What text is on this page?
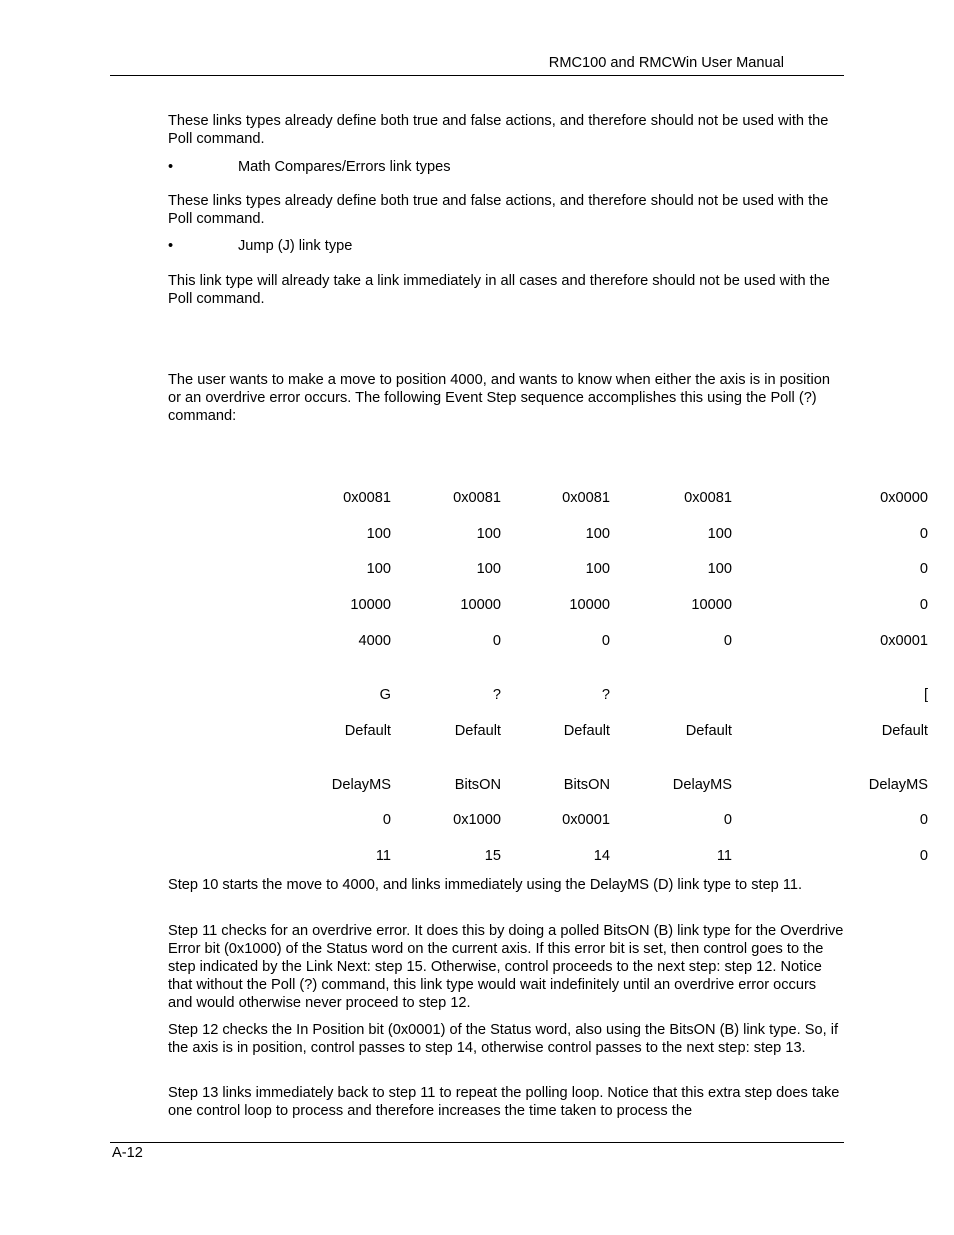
RMC100 and RMCWin User Manual

These links types already define both true and false actions, and therefore should not be used with the Poll command.

•	Math Compares/Errors link types

These links types already define both true and false actions, and therefore should not be used with the Poll command.

•	Jump (J) link type

This link type will already take a link immediately in all cases and therefore should not be used with the Poll command.

The user wants to make a move to position 4000, and wants to know when either the axis is in position or an overdrive error occurs. The following Event Step sequence accomplishes this using the Poll (?) command:

0x0081
100
100
10000
4000
G
Default
DelayMS
0
11
0x0081
100
100
10000
0
?
Default
BitsON
0x1000
15
0x0081
100
100
10000
0
?
Default
BitsON
0x0001
14
0x0081
100
100
10000
0
Default
DelayMS
0
11
0x0000
0
0
0
0x0001
[
Default
DelayMS
0
0

Step 10 starts the move to 4000, and links immediately using the DelayMS (D) link type to step 11.

Step 11 checks for an overdrive error. It does this by doing a polled BitsON (B) link type for the Overdrive Error bit (0x1000) of the Status word on the current axis. If this error bit is set, then control goes to the step indicated by the Link Next: step 15. Otherwise, control proceeds to the next step: step 12. Notice that without the Poll (?) command, this link type would wait indefinitely until an overdrive error occurs and would otherwise never proceed to step 12.

Step 12 checks the In Position bit (0x0001) of the Status word, also using the BitsON (B) link type. So, if the axis is in position, control passes to step 14, otherwise control passes to the next step: step 13.

Step 13 links immediately back to step 11 to repeat the polling loop. Notice that this extra step does take one control loop to process and therefore increases the time taken to process the

A-12
